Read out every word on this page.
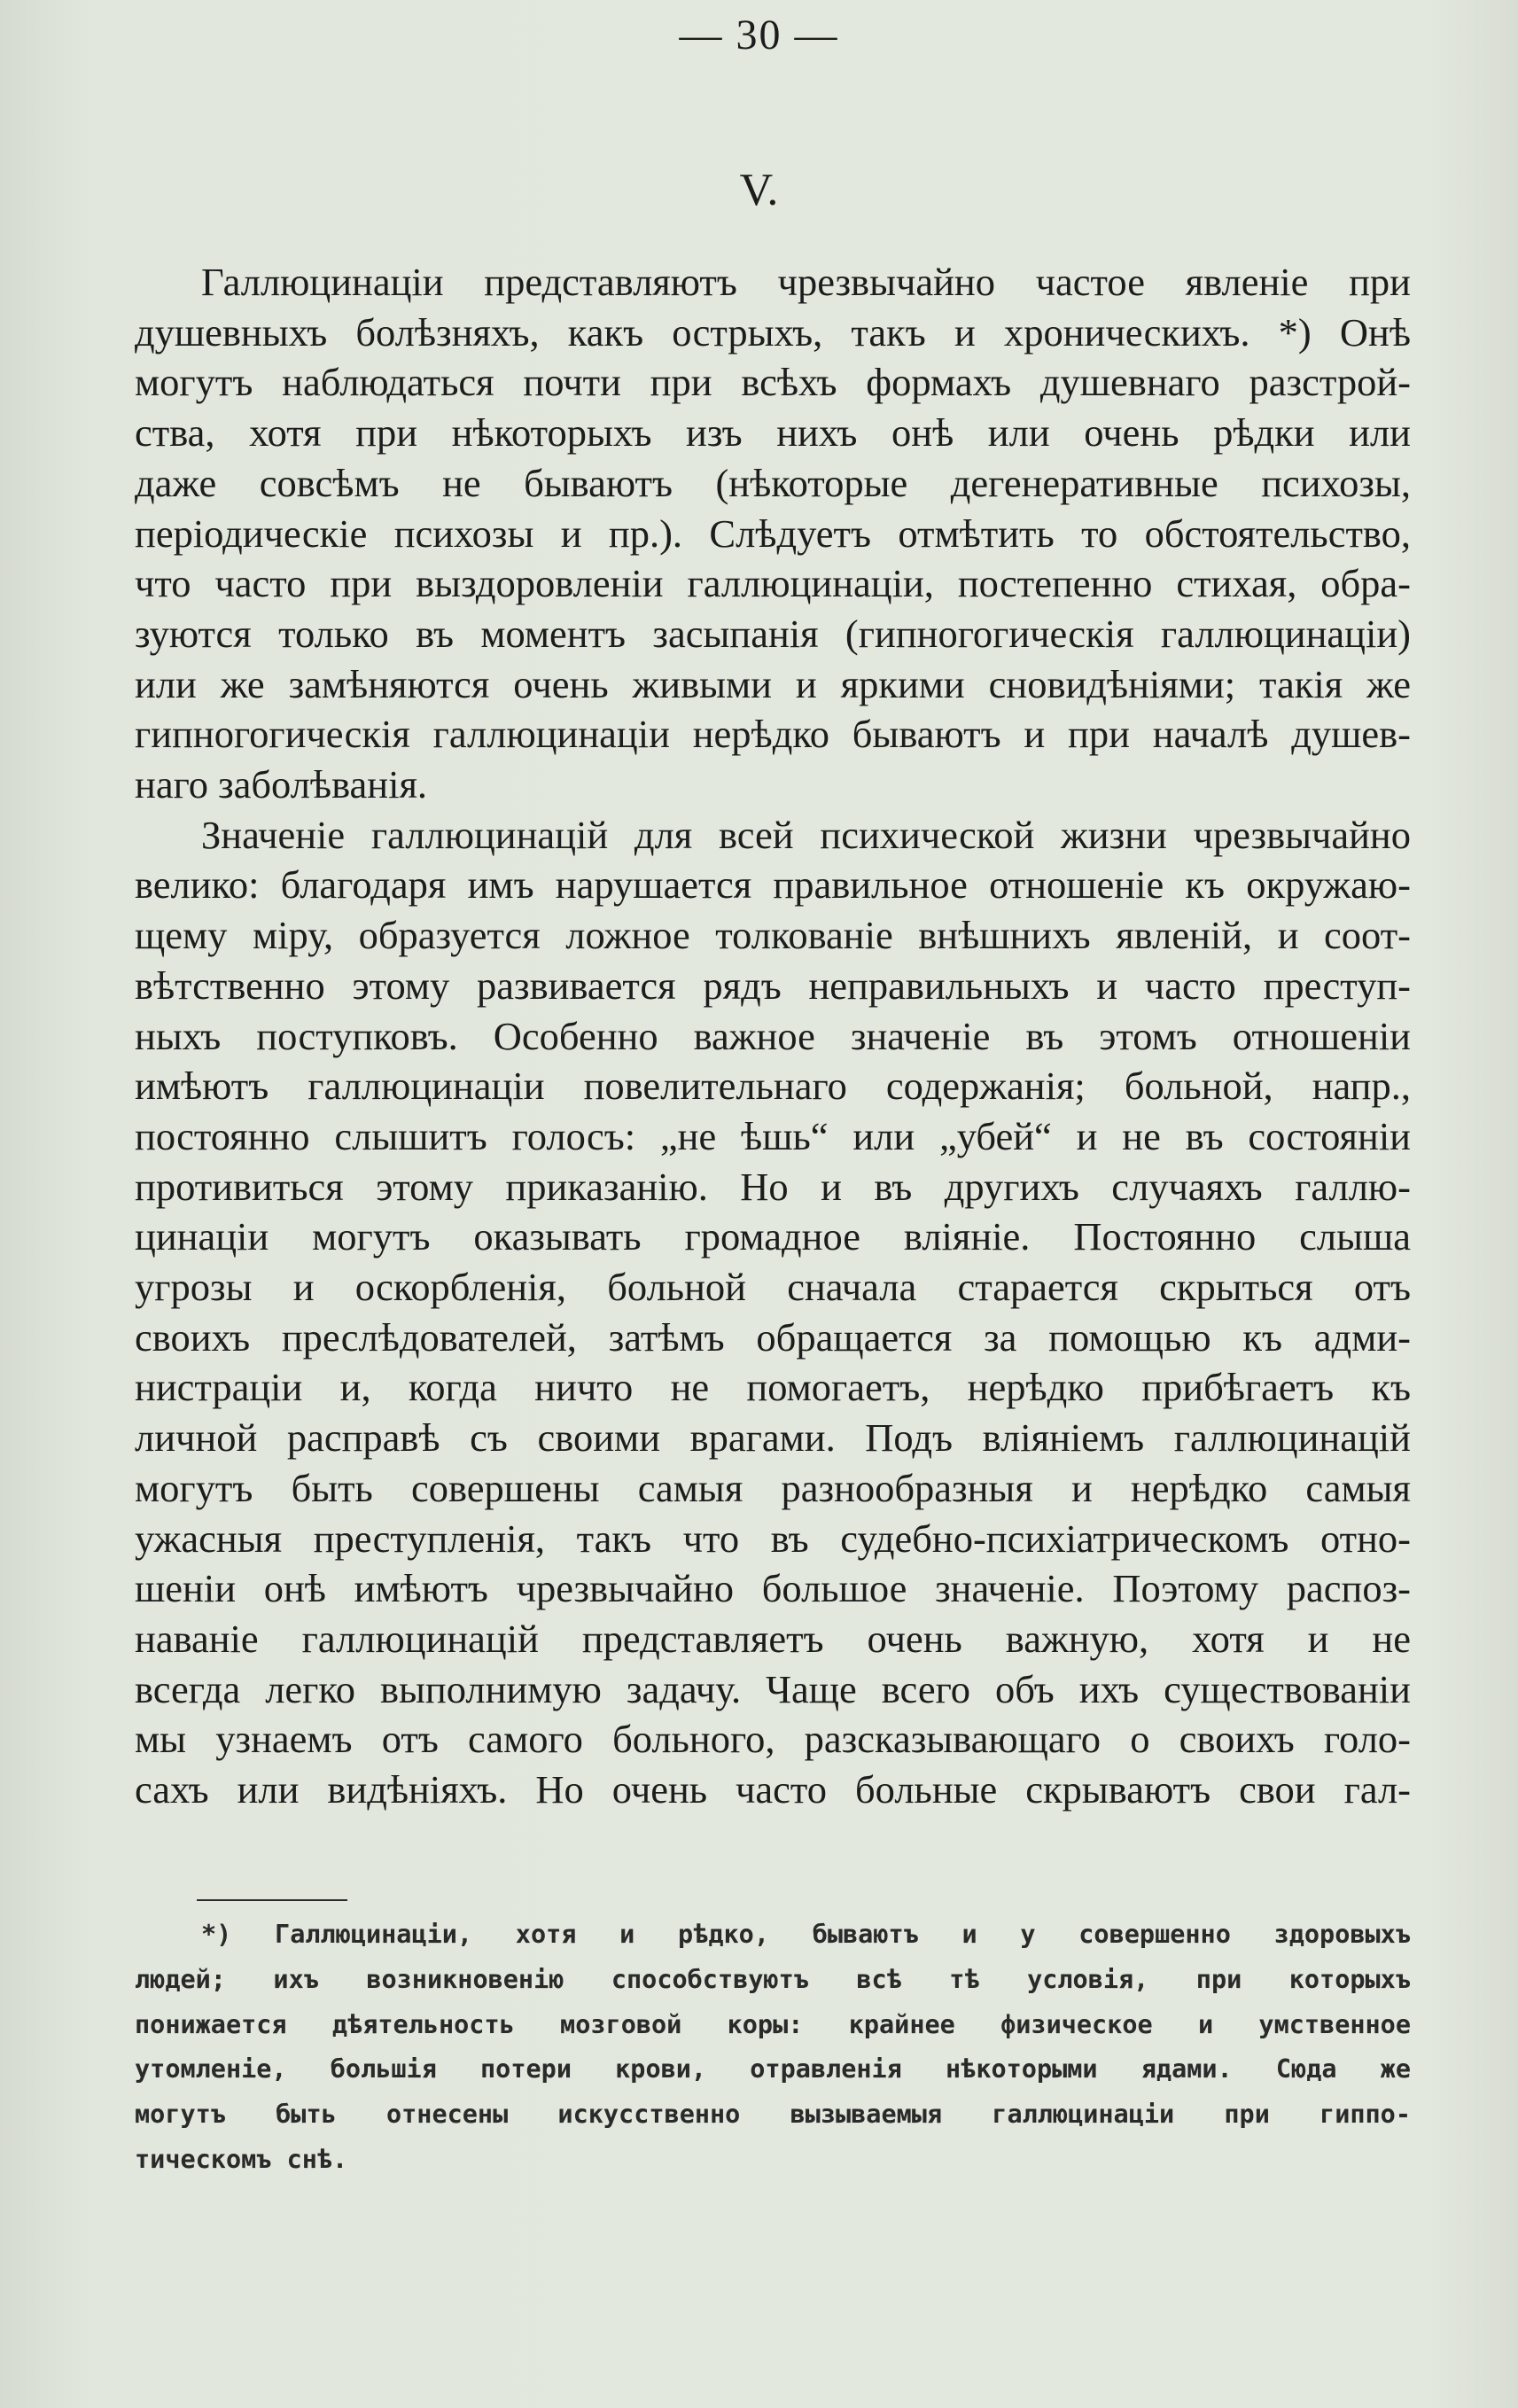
— 30 —
V.

Галлюцинаціи представляютъ чрезвычайно частое явленіе при
душевныхъ болѣзняхъ, какъ острыхъ, такъ и хроническихъ. *) Онѣ
могутъ наблюдаться почти при всѣхъ формахъ душевнаго разстрой-
ства, хотя при нѣкоторыхъ изъ нихъ онѣ или очень рѣдки или
даже совсѣмъ не бываютъ (нѣкоторые дегенеративные психозы,
періодическіе психозы и пр.). Слѣдуетъ отмѣтить то обстоятельство,
что часто при выздоровленіи галлюцинаціи, постепенно стихая, обра-
зуются только въ моментъ засыпанія (гипногогическія галлюцинаціи)
или же замѣняются очень живыми и яркими сновидѣніями; такія же
гипногогическія галлюцинаціи нерѣдко бываютъ и при началѣ душев-
наго заболѣванія.

Значеніе галлюцинацій для всей психической жизни чрезвычайно
велико: благодаря имъ нарушается правильное отношеніе къ окружаю-
щему міру, образуется ложное толкованіе внѣшнихъ явленій, и соот-
вѣтственно этому развивается рядъ неправильныхъ и часто преступ-
ныхъ поступковъ. Особенно важное значеніе въ этомъ отношеніи
имѣютъ галлюцинаціи повелительнаго содержанія; больной, напр.,
постоянно слышитъ голосъ: „не ѣшь“ или „убей“ и не въ состояніи
противиться этому приказанію. Но и въ другихъ случаяхъ галлю-
цинаціи могутъ оказывать громадное вліяніе. Постоянно слыша
угрозы и оскорбленія, больной сначала старается скрыться отъ
своихъ преслѣдователей, затѣмъ обращается за помощью къ адми-
нистраціи и, когда ничто не помогаетъ, нерѣдко прибѣгаетъ къ
личной расправѣ съ своими врагами. Подъ вліяніемъ галлюцинацій
могутъ быть совершены самыя разнообразныя и нерѣдко самыя
ужасныя преступленія, такъ что въ судебно-психіатрическомъ отно-
шеніи онѣ имѣютъ чрезвычайно большое значеніе. Поэтому распоз-
наваніе галлюцинацій представляетъ очень важную, хотя и не
всегда легко выполнимую задачу. Чаще всего объ ихъ существованіи
мы узнаемъ отъ самого больного, разсказывающаго о своихъ голо-
сахъ или видѣніяхъ. Но очень часто больные скрываютъ свои гал-

*) Галлюцинаціи, хотя и рѣдко, бываютъ и у совершенно здоровыхъ
людей; ихъ возникновенію способствуютъ всѣ тѣ условія, при которыхъ
понижается дѣятельность мозговой коры: крайнее физическое и умственное
утомленіе, большія потери крови, отравленія нѣкоторыми ядами. Сюда же
могутъ быть отнесены искусственно вызываемыя галлюцинаціи при гиппо-
тическомъ снѣ.
